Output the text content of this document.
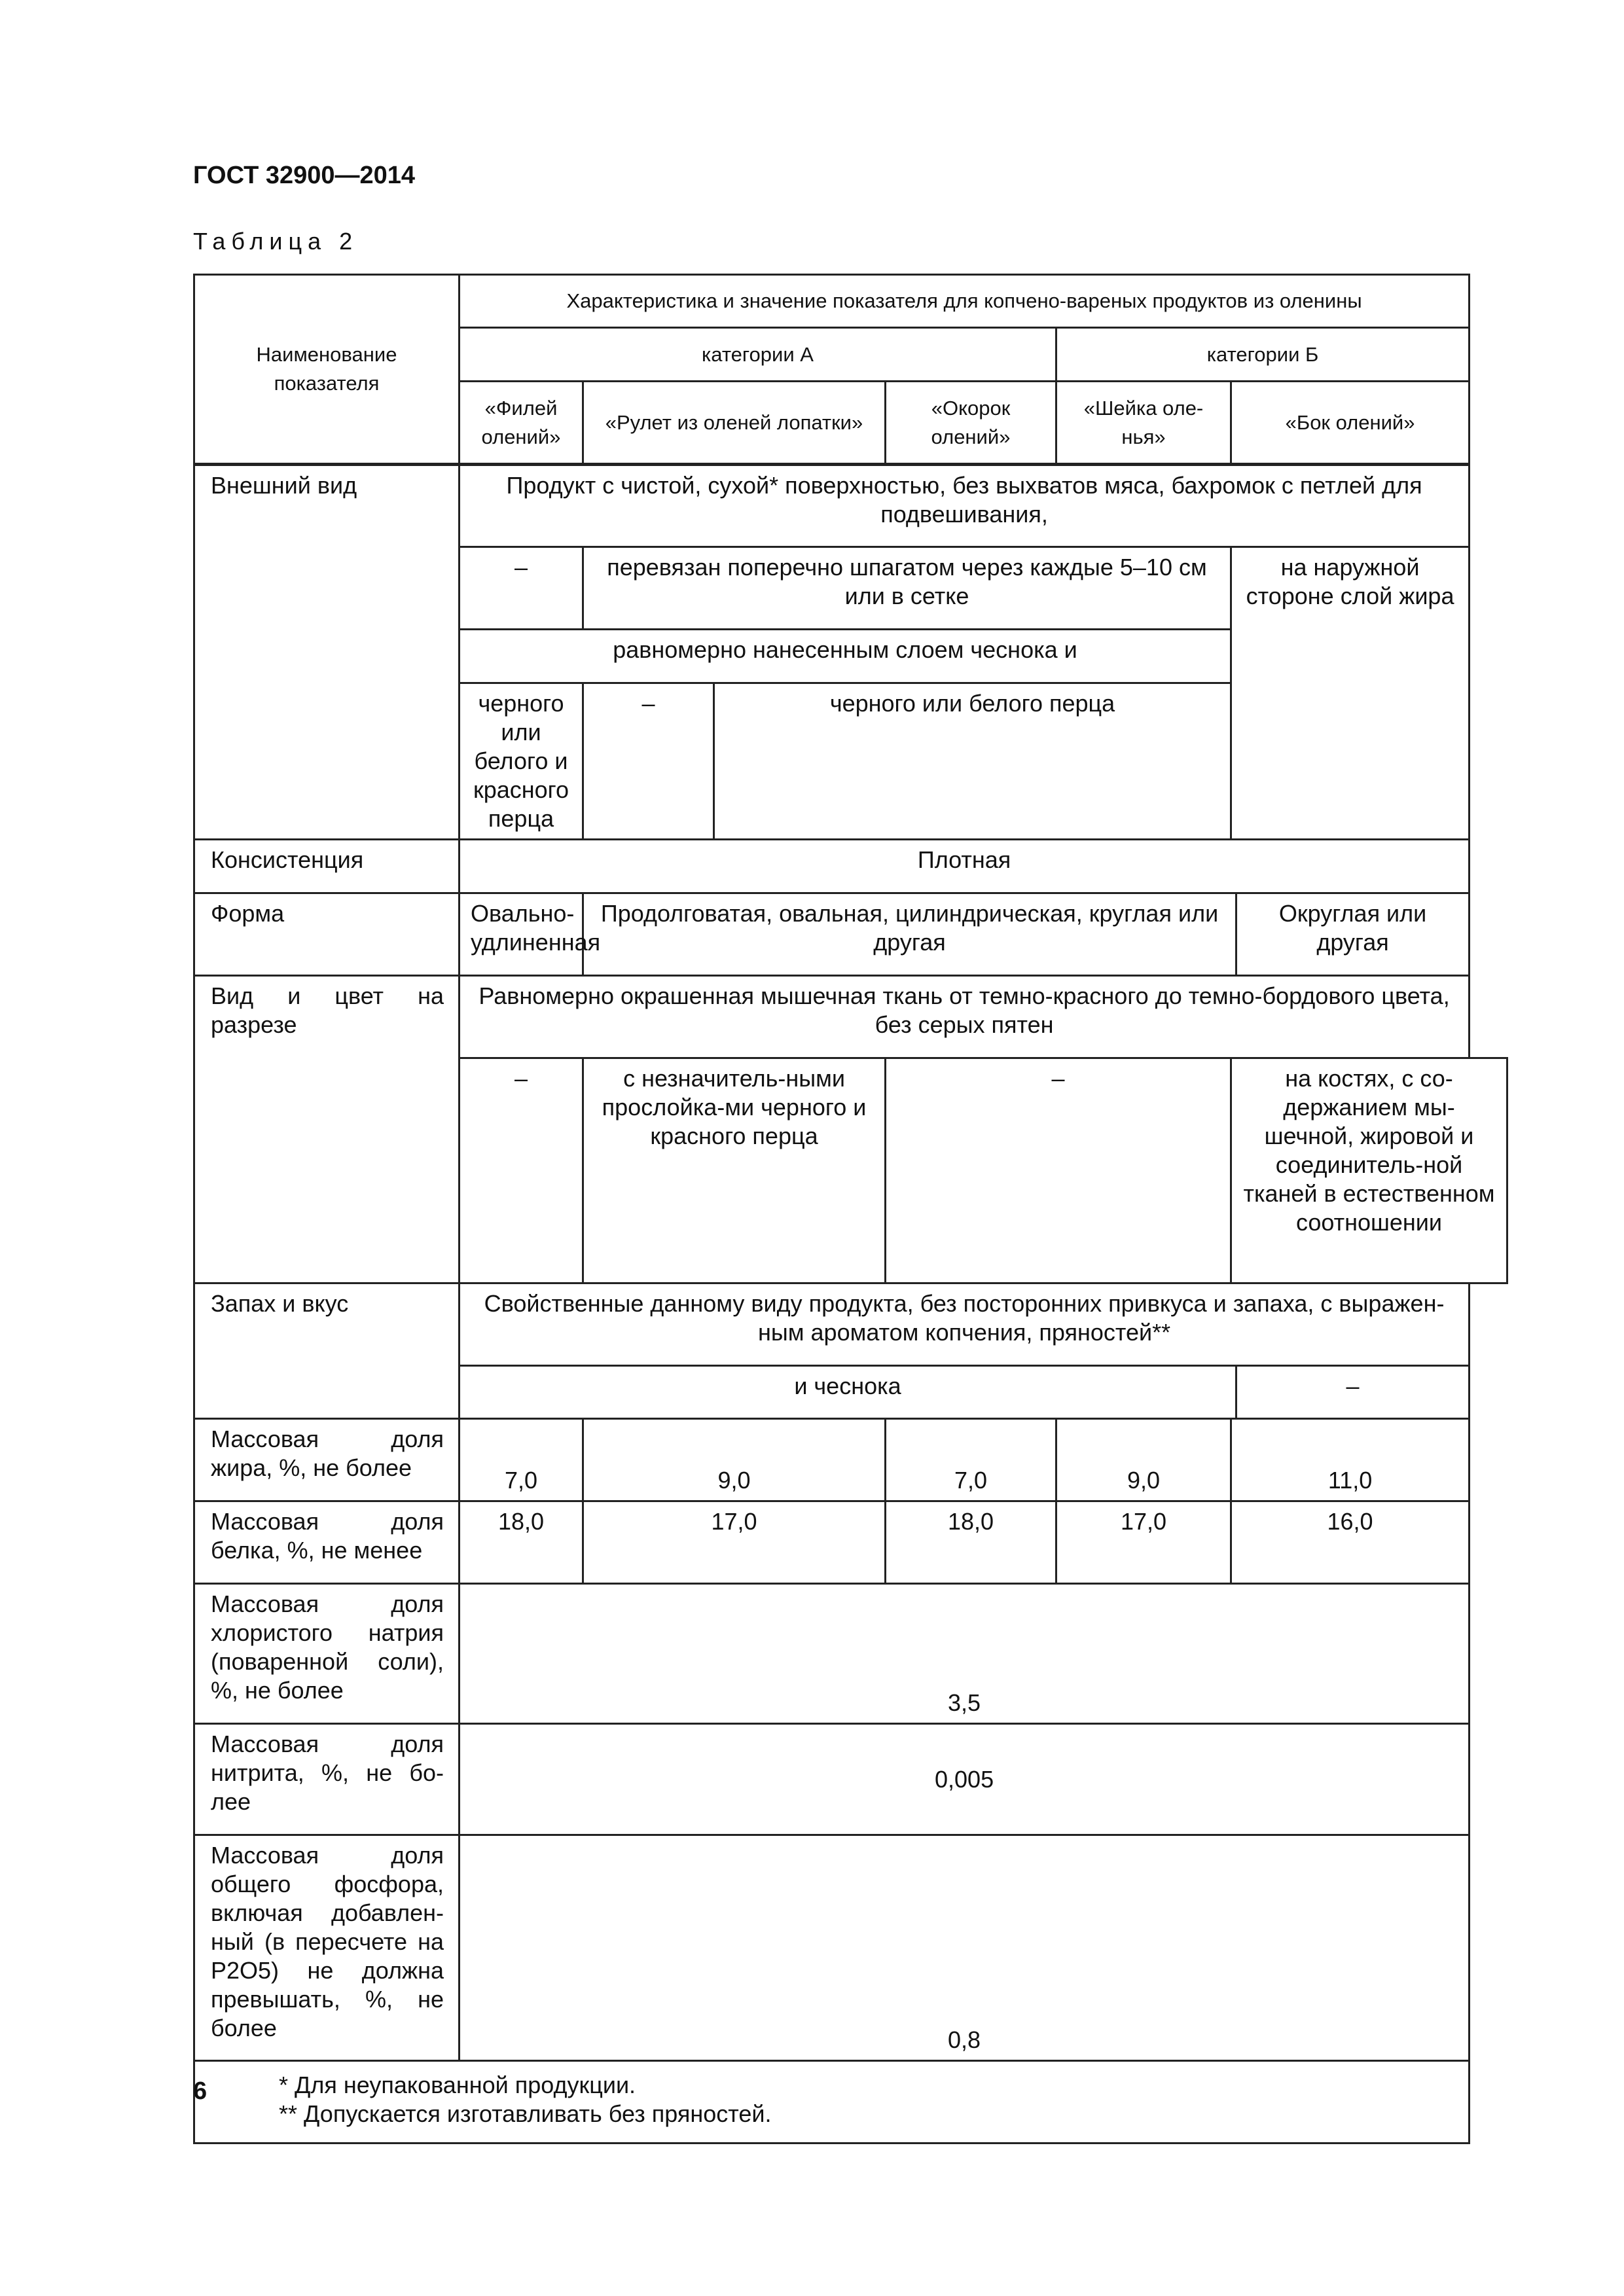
ГОСТ 32900—2014
Таблица 2
Наименование показателя	Характеристика и значение показателя для копчено-вареных продуктов из оленины						
	категории А				категории Б		
	«Филей олений»	«Рулет из оленей лопатки»		«Окорок олений»	«Шейка оле-нья»	«Бок олений»	
Внешний вид	Продукт с чистой, сухой* поверхностью, без выхватов мяса, бахромок с петлей для подвешивания,						
	–	перевязан поперечно шпагатом через каждые 5–10 см или в сетке				на наружной стороне слой жира	
	равномерно нанесенным слоем чеснока и						
	черного или белого и красного перца	–	черного или белого перца				
Консистенция	Плотная						
Форма	Овально-удлиненная	Продолговатая, овальная, цилиндрическая, круглая или другая					Округлая или другая
Вид и цвет на разрезе	Равномерно окрашенная мышечная ткань от темно-красного до темно-бордового цвета, без серых пятен						
	–	с незначитель-ными прослойка-ми черного и красного перца		–		на костях, с со-держанием мы-шечной, жировой и соединитель-ной тканей в естественном соотношении	
Запах и вкус	Свойственные данному виду продукта, без посторонних привкуса и запаха, с выражен-ным ароматом копчения, пряностей**						
	и чеснока						–
Массовая доля жира, %, не более	7,0	9,0		7,0	9,0	11,0	
Массовая доля белка, %, не менее	18,0	17,0		18,0	17,0	16,0	
Массовая доля хлористого натрия (поваренной соли), %, не более	3,5						
Массовая доля нитрита, %, не бо-лее	0,005						
Массовая доля общего фосфора, включая добавлен-ный (в пересчете на P2O5) не должна превышать, %, не более	0,8						

* Для неупакованной продукции.
** Допускается изготавливать без пряностей.							
6
